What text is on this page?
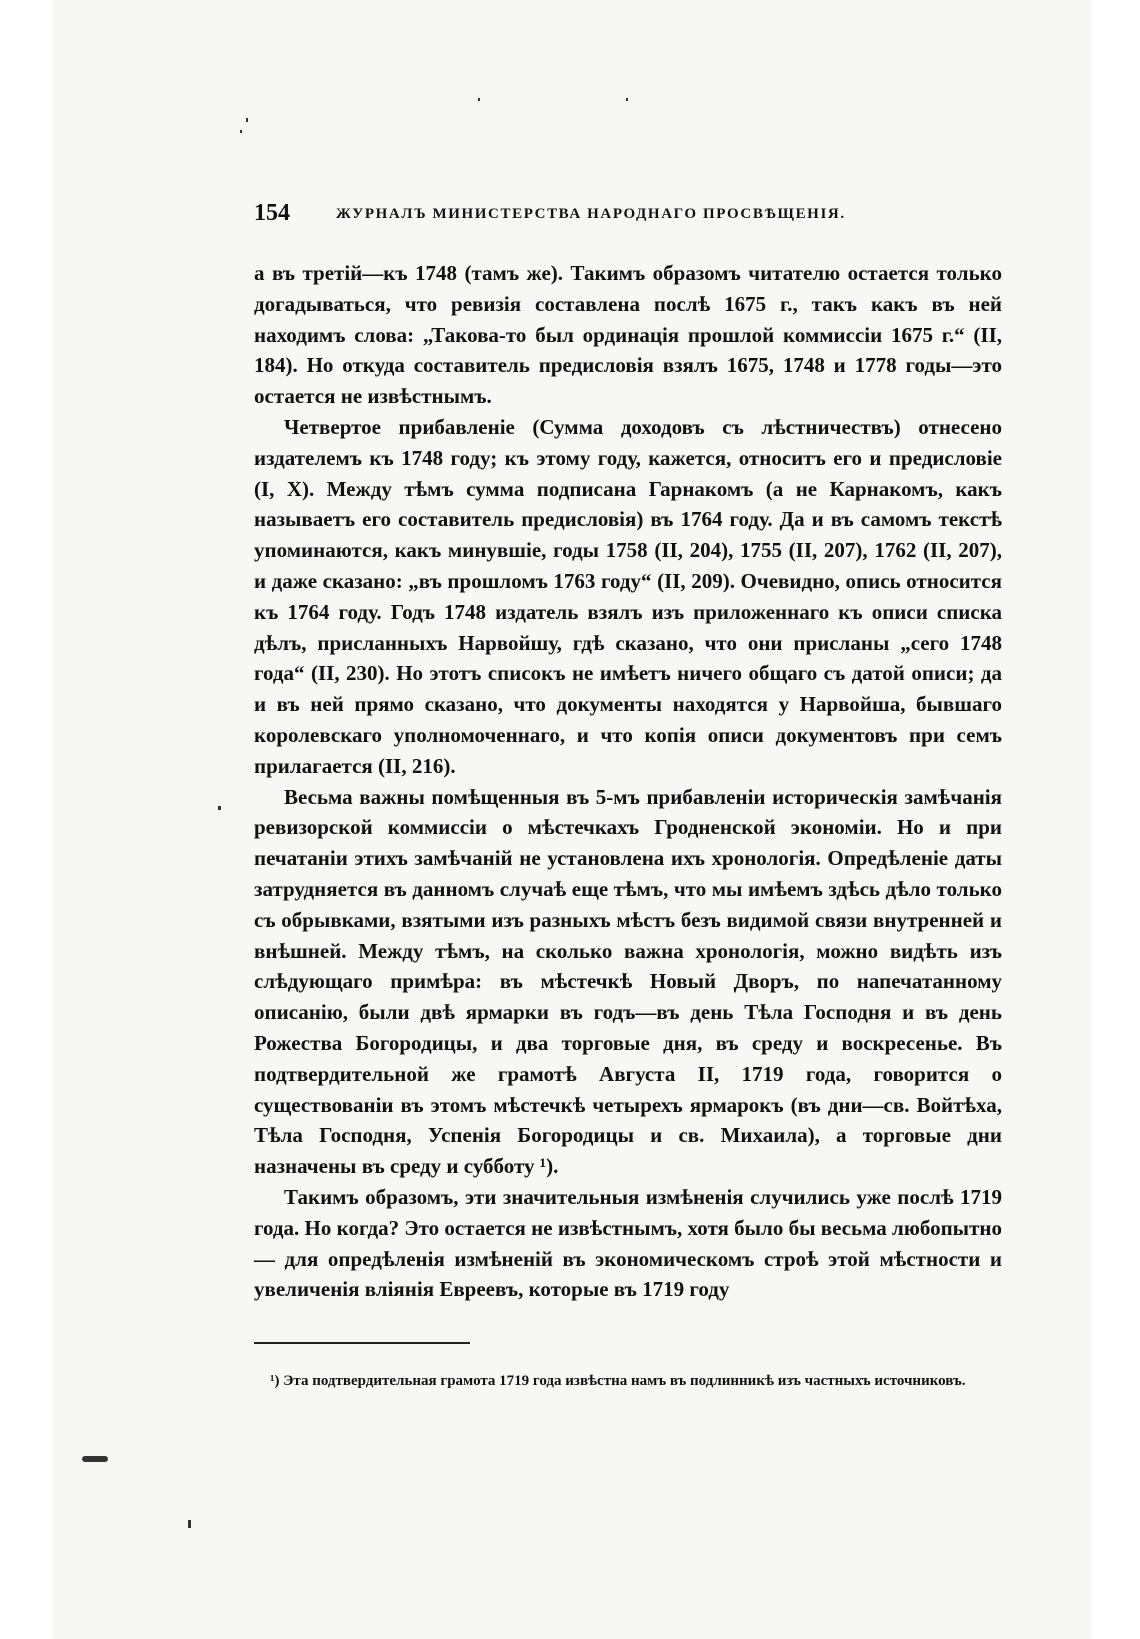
154	ЖУРНАЛЪ МИНИСТЕРСТВА НАРОДНАГО ПРОСВѢЩЕНІЯ.

а въ третій—къ 1748 (тамъ же). Такимъ образомъ читателю остается только догадываться, что ревизія составлена послѣ 1675 г., такъ какъ въ ней находимъ слова: „Такова-то был ординація прошлой коммиссіи 1675 г.“ (II, 184). Но откуда составитель предисловія взялъ 1675, 1748 и 1778 годы—это остается не извѣстнымъ.

Четвертое прибавленіе (Сумма доходовъ съ лѣстничествъ) отнесено издателемъ къ 1748 году; къ этому году, кажется, относитъ его и предисловіе (I, X). Между тѣмъ сумма подписана Гарнакомъ (а не Карнакомъ, какъ называетъ его составитель предисловія) въ 1764 году. Да и въ самомъ текстѣ упоминаются, какъ минувшіе, годы 1758 (II, 204), 1755 (II, 207), 1762 (II, 207), и даже сказано: „въ прошломъ 1763 году“ (II, 209). Очевидно, опись относится къ 1764 году. Годъ 1748 издатель взялъ изъ приложеннаго къ описи списка дѣлъ, присланныхъ Нарвойшу, гдѣ сказано, что они присланы „сего 1748 года“ (II, 230). Но этотъ списокъ не имѣетъ ничего общаго съ датой описи; да и въ ней прямо сказано, что документы находятся у Нарвойша, бывшаго королевскаго уполномоченнаго, и что копія описи документовъ при семъ прилагается (II, 216).

Весьма важны помѣщенныя въ 5-мъ прибавленіи историческія замѣчанія ревизорской коммиссіи о мѣстечкахъ Гродненской экономіи. Но и при печатаніи этихъ замѣчаній не установлена ихъ хронологія. Опредѣленіе даты затрудняется въ данномъ случаѣ еще тѣмъ, что мы имѣемъ здѣсь дѣло только съ обрывками, взятыми изъ разныхъ мѣстъ безъ видимой связи внутренней и внѣшней. Между тѣмъ, на сколько важна хронологія, можно видѣть изъ слѣдующаго примѣра: въ мѣстечкѣ Новый Дворъ, по напечатанному описанію, были двѣ ярмарки въ годъ—въ день Тѣла Господня и въ день Рожества Богородицы, и два торговые дня, въ среду и воскресенье. Въ подтвердительной же грамотѣ Августа II, 1719 года, говорится о существованіи въ этомъ мѣстечкѣ четырехъ ярмарокъ (въ дни—св. Войтѣха, Тѣла Господня, Успенія Богородицы и св. Михаила), а торговые дни назначены въ среду и субботу ¹).

Такимъ образомъ, эти значительныя измѣненія случились уже послѣ 1719 года. Но когда? Это остается не извѣстнымъ, хотя было бы весьма любопытно — для опредѣленія измѣненій въ экономическомъ строѣ этой мѣстности и увеличенія вліянія Евреевъ, которые въ 1719 году

¹) Эта подтвердительная грамота 1719 года извѣстна намъ въ подлинникѣ изъ частныхъ источниковъ.
